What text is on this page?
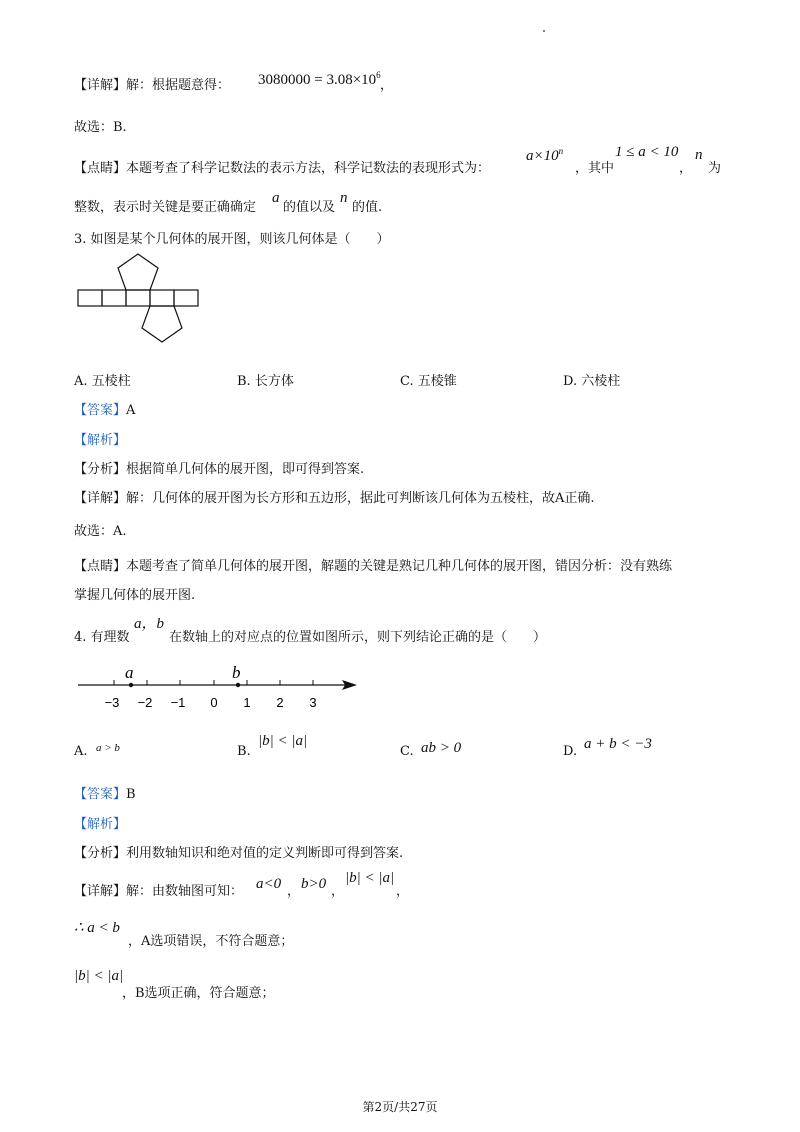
【详解】解：根据题意得： $3080000 = 3.08\times 10^6$
，
故选：B.
【点睛】本题考查了科学记数法的表示方法，科学记数法的表现形式为：
$a\times 10^n$
，其中
1 ≤ a < 10
，
n
为
整数，表示时关键是要正确确定
a
的值以及
n
的值.
3. 如图是某个几何体的展开图，则该几何体是（　　）
A. 五棱柱	B. 长方体	C. 五棱锥	D. 六棱柱
【答案】A
【解析】
【分析】根据简单几何体的展开图，即可得到答案.
【详解】解：几何体的展开图为长方形和五边形，据此可判断该几何体为五棱柱，故A正确.
故选：A.
【点睛】本题考查了简单几何体的展开图，解题的关键是熟记几种几何体的展开图，错因分析：没有熟练
掌握几何体的展开图.
4. 有理数
a，b
在数轴上的对应点的位置如图所示，则下列结论正确的是（　　）
a	b
−3 −2 −1 0 1 2 3
A. a > b	B.
|b| < |a|
C. ab > 0	D. a + b < −3
【答案】B
【解析】
【分析】利用数轴知识和绝对值的定义判断即可得到答案.
【详解】解：由数轴图可知： a<0 ， b>0 ，
|b| < |a|
，
∴ a < b
，A选项错误，不符合题意；
|b| < |a|
，B选项正确，符合题意；
第2页/共27页
